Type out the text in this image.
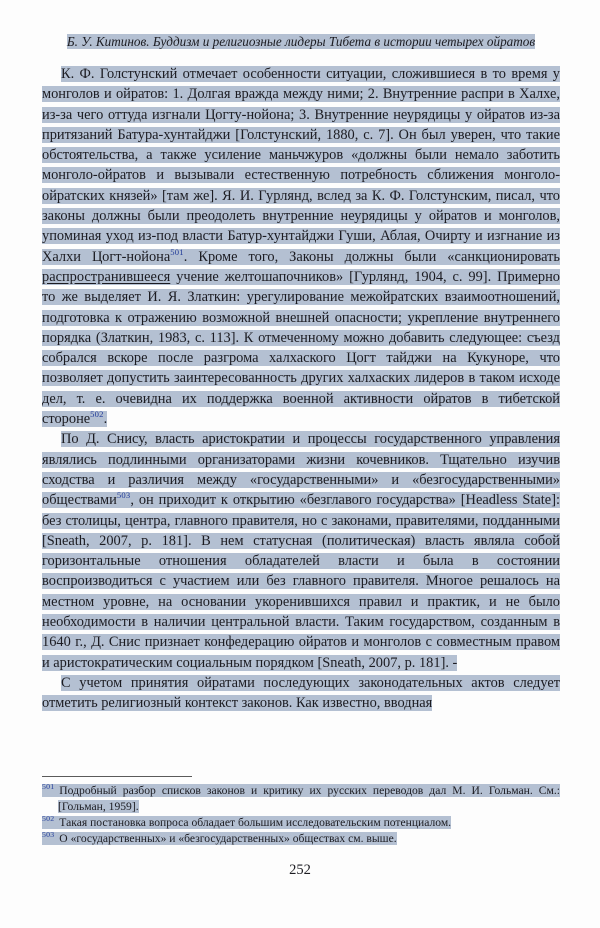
Б. У. Китинов. Буддизм и религиозные лидеры Тибета в истории четырех ойратов

К. Ф. Голстунский отмечает особенности ситуации, сложившиеся в то время у монголов и ойратов: 1. Долгая вражда между ними; 2. Внутренние распри в Халхе, из-за чего оттуда изгнали Цогту-нойона; 3. Внутренние неурядицы у ойратов из-за притязаний Батура-хунтайджи [Голстунский, 1880, с. 7]. Он был уверен, что такие обстоятельства, а также усиление маньчжуров «должны были немало заботить монголо-ойратов и вызывали естественную потребность сближения монголо-ойратских князей» [там же]. Я. И. Гурлянд, вслед за К. Ф. Голстунским, писал, что законы должны были преодолеть внутренние неурядицы у ойратов и монголов, упоминая уход из-под власти Батур-хунтайджи Гуши, Аблая, Очирту и изгнание из Халхи Цогт-нойона$^{501}$. Кроме того, Законы должны были «санкционировать распространившееся учение желтошапочников» [Гурлянд, 1904, с. 99]. Примерно то же выделяет И. Я. Златкин: урегулирование межойратских взаимоотношений, подготовка к отражению возможной внешней опасности; укрепление внутреннего порядка (Златкин, 1983, с. 113]. К отмеченному можно добавить следующее: съезд собрался вскоре после разгрома халхаского Цогт тайджи на Кукуноре, что позволяет допустить заинтересованность других халхаских лидеров в таком исходе дел, т. е. очевидна их поддержка военной активности ойратов в тибетской стороне$^{502}$.

По Д. Снису, власть аристократии и процессы государственного управления являлись подлинными организаторами жизни кочевников. Тщательно изучив сходства и различия между «государственными» и «безгосударственными» обществами$^{503}$, он приходит к открытию «безглавого государства» [Headless State]: без столицы, центра, главного правителя, но с законами, правителями, подданными [Sneath, 2007, p. 181]. В нем статусная (политическая) власть являла собой горизонтальные отношения обладателей власти и была в состоянии воспроизводиться с участием или без главного правителя. Многое решалось на местном уровне, на основании укоренившихся правил и практик, и не было необходимости в наличии центральной власти. Таким государством, созданным в 1640 г., Д. Снис признает конфедерацию ойратов и монголов с совместным правом и аристократическим социальным порядком [Sneath, 2007, p. 181]. -

С учетом принятия ойратами последующих законодательных актов следует отметить религиозный контекст законов. Как известно, вводная

$^{501}$ Подробный разбор списков законов и критику их русских переводов дал М. И. Гольман. См.: [Гольман, 1959].

$^{502}$ Такая постановка вопроса обладает большим исследовательским потенциалом.

$^{503}$ О «государственных» и «безгосударственных» обществах см. выше.

252
